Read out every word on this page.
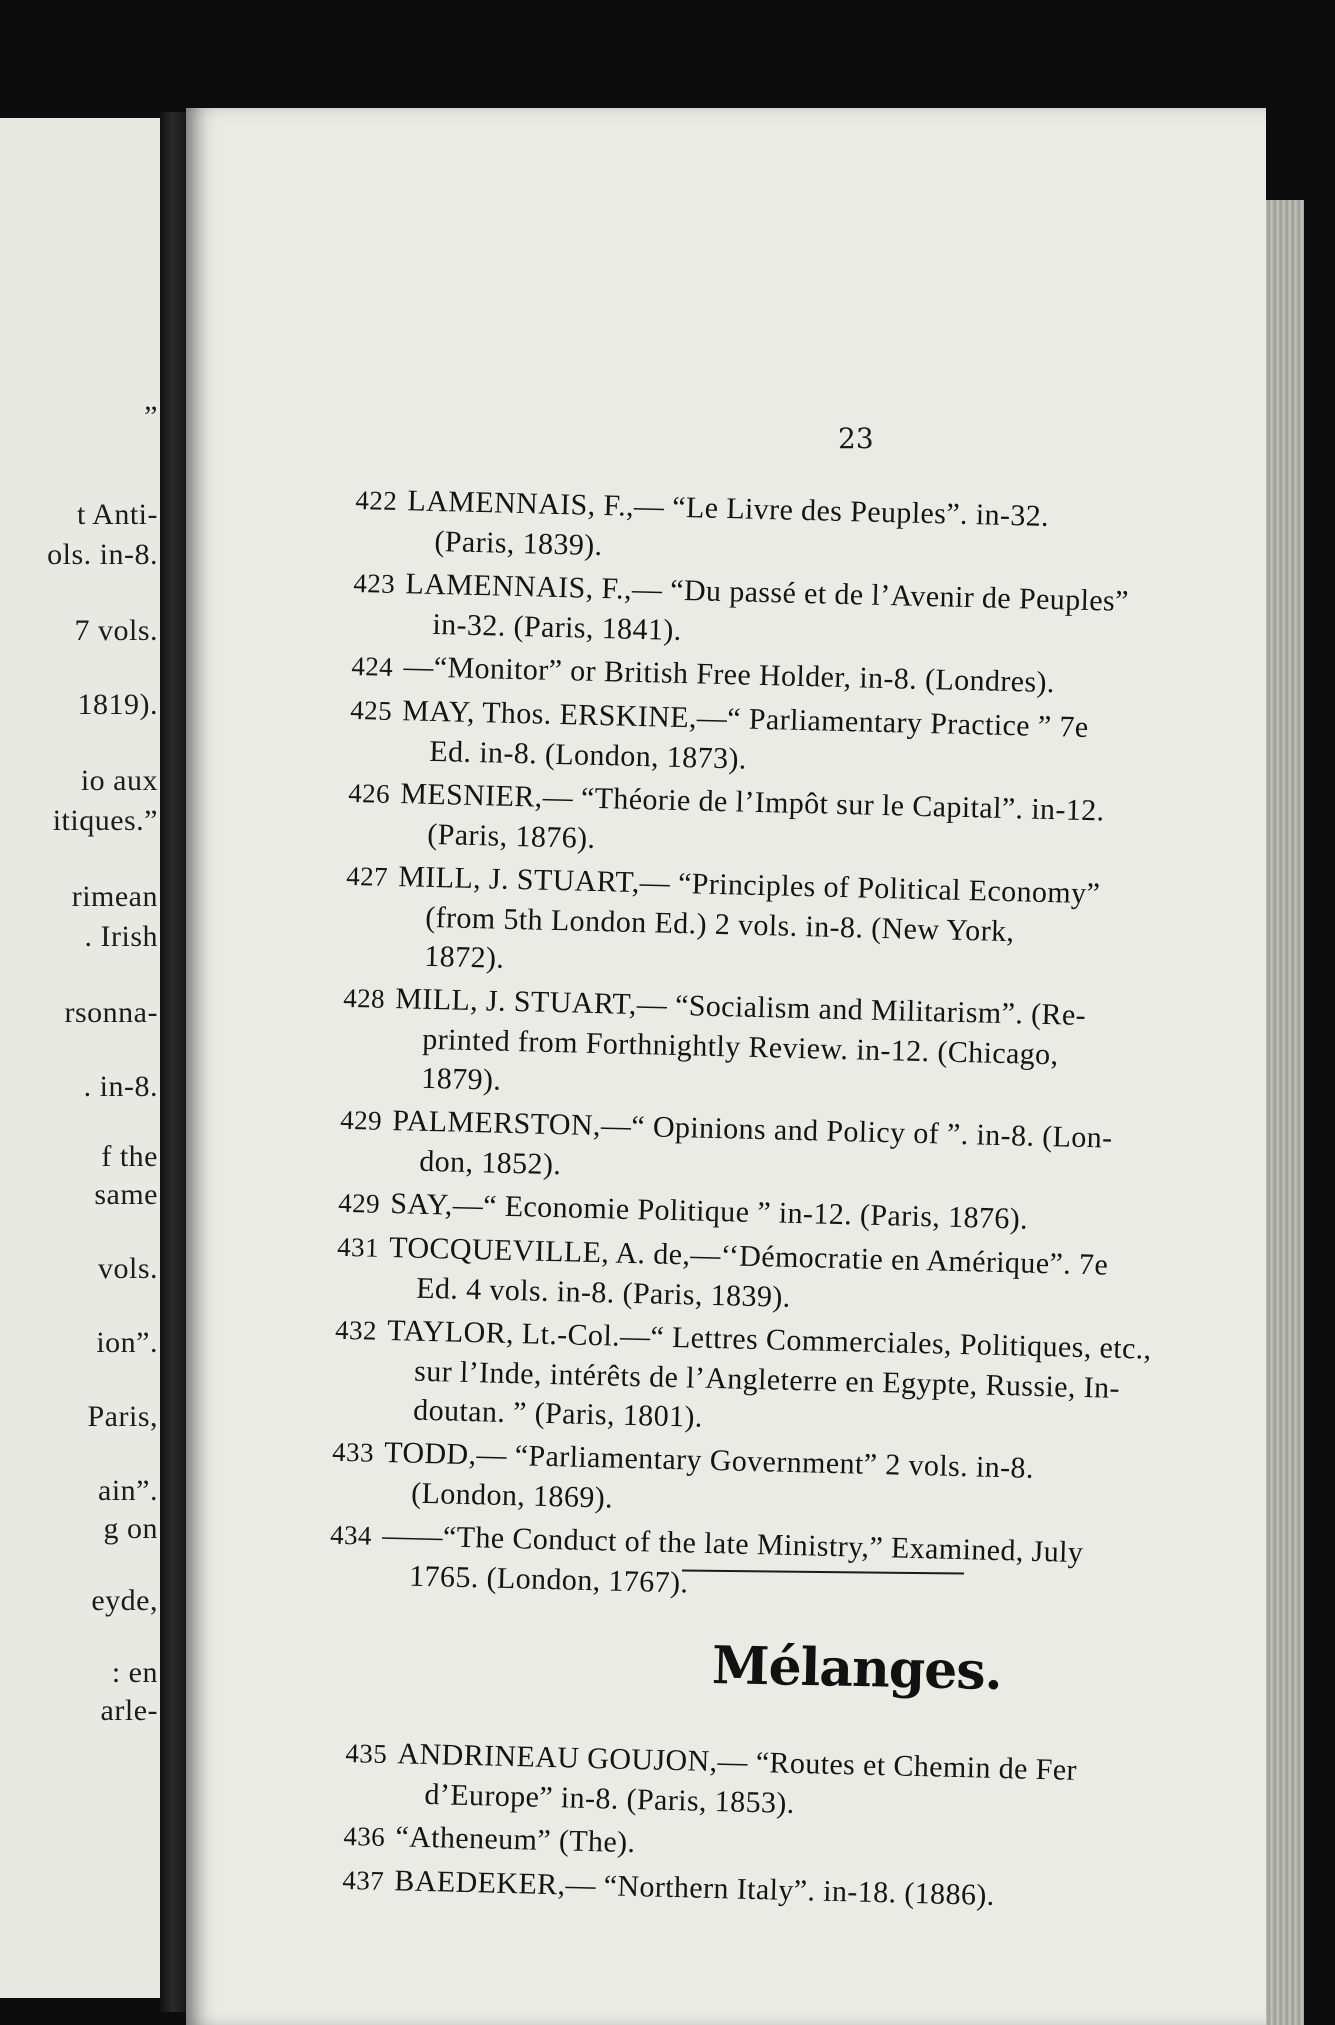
”
t Anti-
ols. in-8.
7 vols.
1819).
io aux
itiques.”
rimean
. Irish
rsonna-
. in-8.
f the
same
vols.
ion”.
Paris,
ain”.
g on
eyde,
: en
arle-
23
422 LAMENNAIS, F.,— “Le Livre des Peuples”. in-32.
(Paris, 1839).
423 LAMENNAIS, F.,— “Du passé et de l’Avenir de Peuples”
in-32. (Paris, 1841).
424 —“Monitor” or British Free Holder, in-8. (Londres).
425 MAY, Thos. ERSKINE,—“ Parliamentary Practice ” 7e
Ed. in-8. (London, 1873).
426 MESNIER,— “Théorie de l’Impôt sur le Capital”. in-12.
(Paris, 1876).
427 MILL, J. STUART,— “Principles of Political Economy”
(from 5th London Ed.) 2 vols. in-8. (New York,
1872).
428 MILL, J. STUART,— “Socialism and Militarism”. (Re-
printed from Forthnightly Review. in-12. (Chicago,
1879).
429 PALMERSTON,—“ Opinions and Policy of ”. in-8. (Lon-
don, 1852).
429 SAY,—“ Economie Politique ” in-12. (Paris, 1876).
431 TOCQUEVILLE, A. de,—‘‘Démocratie en Amérique”. 7e
Ed. 4 vols. in-8. (Paris, 1839).
432 TAYLOR, Lt.-Col.—“ Lettres Commerciales, Politiques, etc.,
sur l’Inde, intérêts de l’Angleterre en Egypte, Russie, In-
doutan. ” (Paris, 1801).
433 TODD,— “Parliamentary Government” 2 vols. in-8.
(London, 1869).
434 ——“The Conduct of the late Ministry,” Examined, July
1765. (London, 1767).
Mélanges.
435 ANDRINEAU GOUJON,— “Routes et Chemin de Fer
d’Europe” in-8. (Paris, 1853).
436 “Atheneum” (The).
437 BAEDEKER,— “Northern Italy”. in-18. (1886).
